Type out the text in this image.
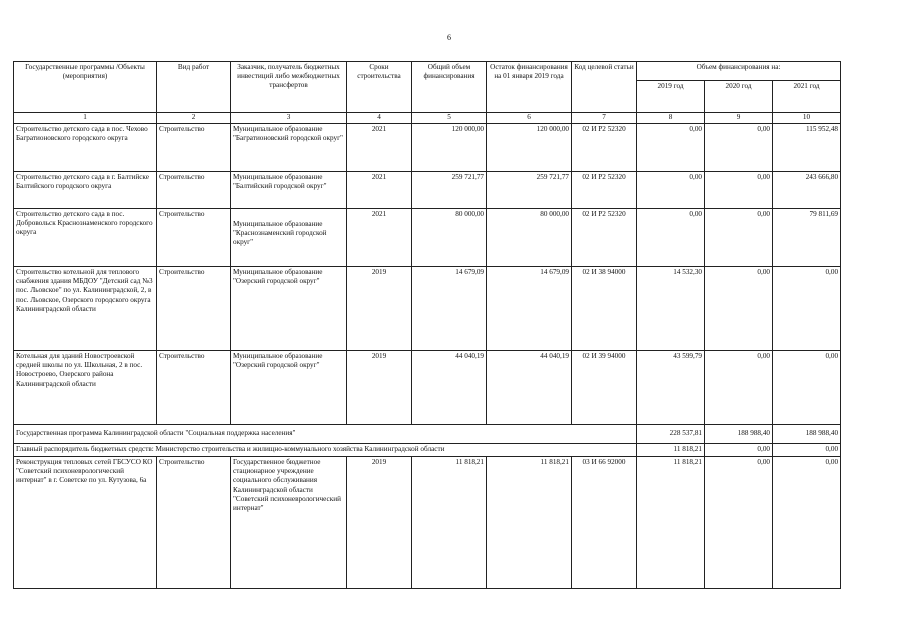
6
Государственные программы /Объекты (мероприятия)	Вид работ	Заказчик, получатель бюджетных инвестиций либо межбюджетных трансфертов	Сроки строительства	Общий объем финансирования	Остаток финансирования на 01 января 2019 года	Код целевой статьи	Объем финансирования на:		
							2019 год	2020 год	2021 год
1	2	3	4	5	6	7	8	9	10
Строительство детского сада в пос. Чехово Багратионовского городского округа	Строительство	Муниципальное образование "Багратионовский городской округ"	2021	120 000,00	120 000,00	02 И Р2 52320	0,00	0,00	115 952,48
Строительство детского сада в г. Балтийске Балтийского городского округа	Строительство	Муниципальное образование "Балтийский городской округ"	2021	259 721,77	259 721,77	02 И Р2 52320	0,00	0,00	243 666,80
Строительство детского сада в пос. Добровольск Краснознаменского городского округа	Строительство	Муниципальное образование "Краснознаменский городской округ"	2021	80 000,00	80 000,00	02 И Р2 52320	0,00	0,00	79 811,69
Строительство котельной для теплового снабжения здания МБДОУ "Детский сад №3 пос. Льовское" по ул. Калининградской, 2, в пос. Льовское, Озерского городского округа Калининградской области	Строительство	Муниципальное образование "Озерский городской округ"	2019	14 679,09	14 679,09	02 И 38 94000	14 532,30	0,00	0,00
Котельная для зданий Новостроевской средней школы по ул. Школьная, 2 в пос. Новостроево, Озерского района Калининградской области	Строительство	Муниципальное образование "Озерский городской округ"	2019	44 040,19	44 040,19	02 И 39 94000	43 599,79	0,00	0,00
Государственная программа Калининградской области "Социальная поддержка населения"							228 537,81	188 988,40	188 988,40
Главный распорядитель бюджетных средств: Министерство строительства и жилищно-коммунального хозяйства Калининградской области							11 818,21	0,00	0,00
Реконструкция тепловых сетей ГБСУСО КО "Советский психоневрологический интернат" в г. Советске по ул. Кутузова, 6а	Строительство	Государственное бюджетное стационарное учреждение социального обслуживания Калининградской области "Советский психоневрологический интернат"	2019	11 818,21	11 818,21	03 И 66 92000	11 818,21	0,00	0,00
